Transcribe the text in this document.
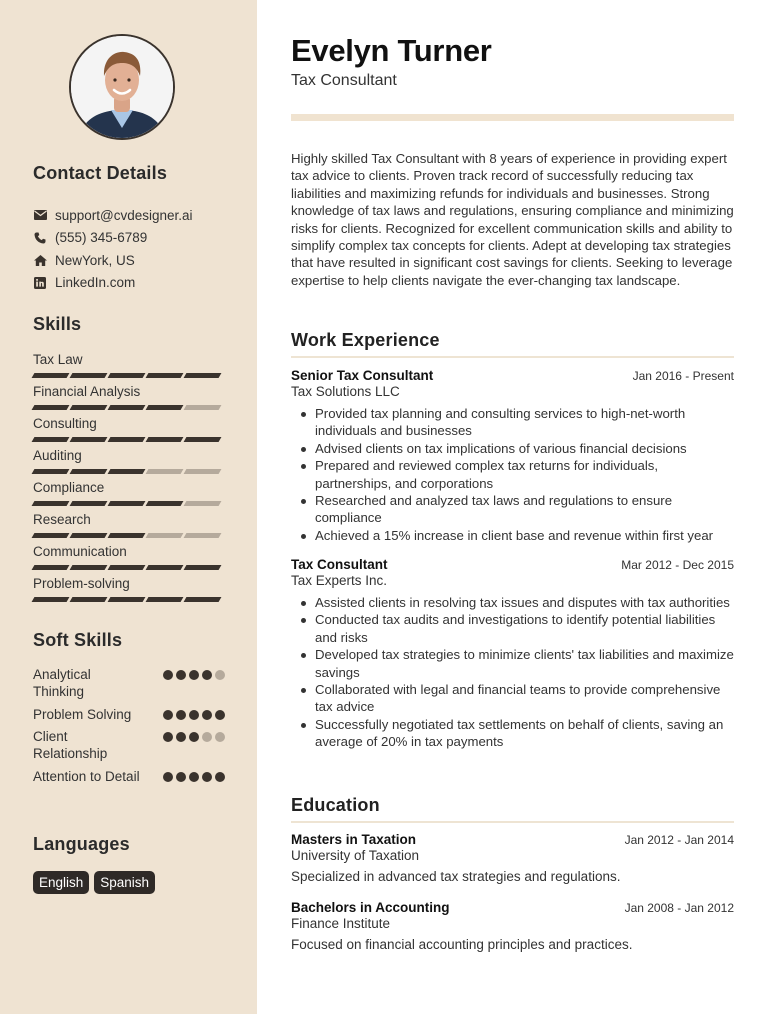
Contact Details
support@cvdesigner.ai
(555) 345-6789
NewYork, US
LinkedIn.com
Skills
Tax Law
Financial Analysis
Consulting
Auditing
Compliance
Research
Communication
Problem-solving
Soft Skills
Analytical Thinking
Problem Solving
Client Relationship
Attention to Detail
Languages
English	Spanish
Evelyn Turner
Tax Consultant
Highly skilled Tax Consultant with 8 years of experience in providing expert tax advice to clients. Proven track record of successfully reducing tax liabilities and maximizing refunds for individuals and businesses. Strong knowledge of tax laws and regulations, ensuring compliance and minimizing risks for clients. Recognized for excellent communication skills and ability to simplify complex tax concepts for clients. Adept at developing tax strategies that have resulted in significant cost savings for clients. Seeking to leverage expertise to help clients navigate the ever-changing tax landscape.
Work Experience
Senior Tax Consultant	Jan 2016 - Present
Tax Solutions LLC
Provided tax planning and consulting services to high-net-worth individuals and businesses
Advised clients on tax implications of various financial decisions
Prepared and reviewed complex tax returns for individuals, partnerships, and corporations
Researched and analyzed tax laws and regulations to ensure compliance
Achieved a 15% increase in client base and revenue within first year
Tax Consultant	Mar 2012 - Dec 2015
Tax Experts Inc.
Assisted clients in resolving tax issues and disputes with tax authorities
Conducted tax audits and investigations to identify potential liabilities and risks
Developed tax strategies to minimize clients' tax liabilities and maximize savings
Collaborated with legal and financial teams to provide comprehensive tax advice
Successfully negotiated tax settlements on behalf of clients, saving an average of 20% in tax payments
Education
Masters in Taxation	Jan 2012 - Jan 2014
University of Taxation
Specialized in advanced tax strategies and regulations.
Bachelors in Accounting	Jan 2008 - Jan 2012
Finance Institute
Focused on financial accounting principles and practices.
